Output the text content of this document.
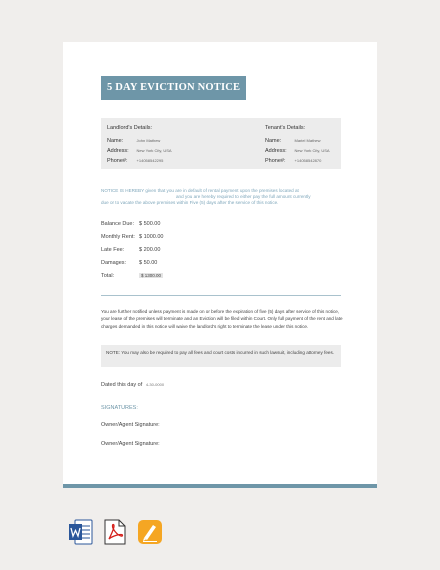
5 DAY EVICTION NOTICE
Landlord's Details:
Name:	John Mathew
Address: New York City, USA
Phone#: +14058542295
Tenant's Details:
Name:	Mariel Mathew
Address: New York City, USA
Phone#: +14058542870
NOTICE IS HEREBY given that you are in default of rental payment upon the premises located at
and you are hereby required to either pay the full amount currently
due or to vacate the above premises within Five (5) days after the service of this notice.
Balance Due: $ 500.00
Monthly Rent: $ 1000.00
Late Fee:	$ 200.00
Damages: $ 50.00
Total:	$ 1300.00
You are further notified unless payment is made on or before the expiration of five (5) days after service of this notice, your lease of the premises will terminate and an Eviction will be filed within Court. Only full payment of the rent and late charges demanded in this notice will waive the landlord's right to terminate the lease under this notice.
NOTE: You may also be required to pay all fees and court costs incurred in such lawsuit, including attorney fees.
Dated this day of 4-30-0000
SIGNATURES:
Owner/Agent Signature:
Owner/Agent Signature:
